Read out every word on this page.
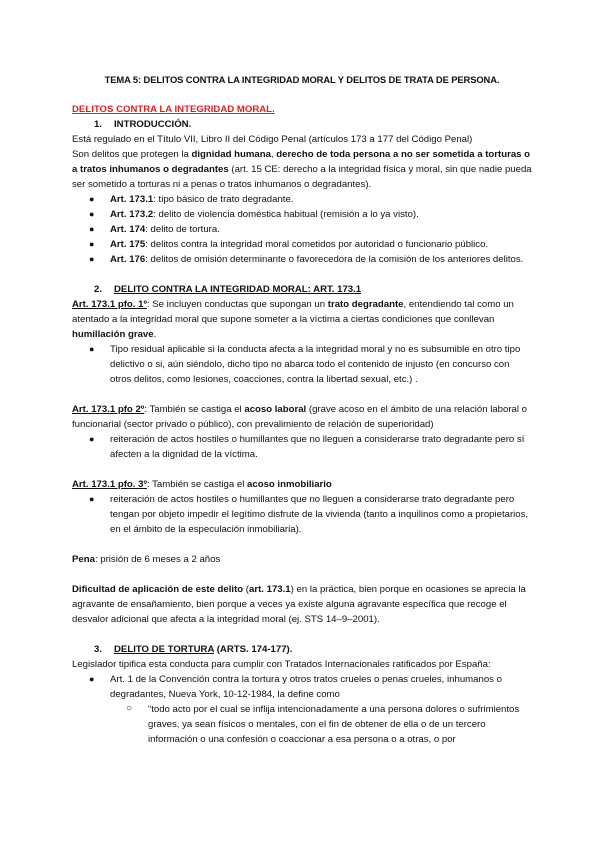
TEMA 5: DELITOS CONTRA LA INTEGRIDAD MORAL Y DELITOS DE TRATA DE PERSONA.

DELITOS CONTRA LA INTEGRIDAD MORAL.

1. INTRODUCCIÓN.

Está regulado en el Título VII, Libro II del Código Penal (artículos 173 a 177 del Código Penal)

Son delitos que protegen la dignidad humana, derecho de toda persona a no ser sometida a torturas o a tratos inhumanos o degradantes (art. 15 CE: derecho a la integridad física y moral, sin que nadie pueda ser sometido a torturas ni a penas o tratos inhumanos o degradantes).

● Art. 173.1: tipo básico de trato degradante.
● Art. 173.2: delito de violencia doméstica habitual (remisión a lo ya visto).
● Art. 174: delito de tortura.
● Art. 175: delitos contra la integridad moral cometidos por autoridad o funcionario público.
● Art. 176: delitos de omisión determinante o favorecedora de la comisión de los anteriores delitos.

2. DELITO CONTRA LA INTEGRIDAD MORAL: ART. 173.1

Art. 173.1 pfo. 1º: Se incluyen conductas que supongan un trato degradante, entendiendo tal como un atentado a la integridad moral que supone someter a la víctima a ciertas condiciones que conllevan humillación grave.

● Tipo residual aplicable si la conducta afecta a la integridad moral y no es subsumible en otro tipo delictivo o si, aún siéndolo, dicho tipo no abarca todo el contenido de injusto (en concurso con otros delitos, como lesiones, coacciones, contra la libertad sexual, etc.) .

Art. 173.1 pfo 2º: También se castiga el acoso laboral (grave acoso en el ámbito de una relación laboral o funcionarial (sector privado o público), con prevalimiento de relación de superioridad)

● reiteración de actos hostiles o humillantes que no lleguen a considerarse trato degradante pero sí afecten a la dignidad de la víctima.

Art. 173.1 pfo. 3º: También se castiga el acoso inmobiliario

● reiteración de actos hostiles o humillantes que no lleguen a considerarse trato degradante pero tengan por objeto impedir el legítimo disfrute de la vivienda (tanto a inquilinos como a propietarios, en el ámbito de la especulación inmobiliaria).

Pena: prisión de 6 meses a 2 años

Dificultad de aplicación de este delito (art. 173.1) en la práctica, bien porque en ocasiones se aprecia la agravante de ensañamiento, bien porque a veces ya existe alguna agravante específica que recoge el desvalor adicional que afecta a la integridad moral (ej. STS 14–9–2001).

3. DELITO DE TORTURA (ARTS. 174-177).

Legislador tipifica esta conducta para cumplir con Tratados Internacionales ratificados por España:

● Art. 1 de la Convención contra la tortura y otros tratos crueles o penas crueles, inhumanos o degradantes, Nueva York, 10-12-1984, la define como
○ “todo acto por el cual se inflija intencionadamente a una persona dolores o sufrimientos graves, ya sean físicos o mentales, con el fin de obtener de ella o de un tercero información o una confesión o coaccionar a esa persona o a otras, o por
